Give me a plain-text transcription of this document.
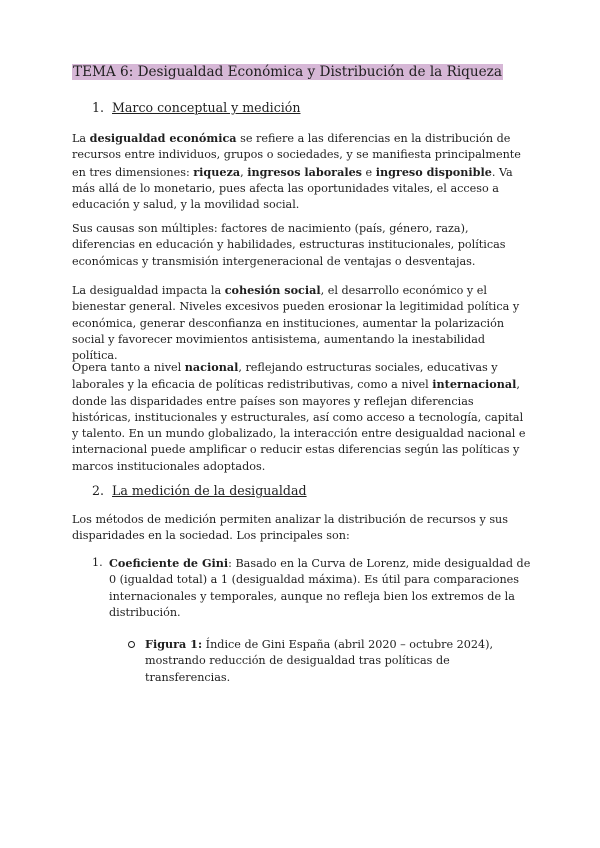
TEMA 6: Desigualdad Económica y Distribución de la Riqueza
1. Marco conceptual y medición

La desigualdad económica se refiere a las diferencias en la distribución de recursos entre individuos, grupos o sociedades, y se manifiesta principalmente en tres dimensiones: riqueza, ingresos laborales e ingreso disponible. Va más allá de lo monetario, pues afecta las oportunidades vitales, el acceso a educación y salud, y la movilidad social.

Sus causas son múltiples: factores de nacimiento (país, género, raza), diferencias en educación y habilidades, estructuras institucionales, políticas económicas y transmisión intergeneracional de ventajas o desventajas.

La desigualdad impacta la cohesión social, el desarrollo económico y el bienestar general. Niveles excesivos pueden erosionar la legitimidad política y económica, generar desconfianza en instituciones, aumentar la polarización social y favorecer movimientos antisistema, aumentando la inestabilidad política.

Opera tanto a nivel nacional, reflejando estructuras sociales, educativas y laborales y la eficacia de políticas redistributivas, como a nivel internacional, donde las disparidades entre países son mayores y reflejan diferencias históricas, institucionales y estructurales, así como acceso a tecnología, capital y talento. En un mundo globalizado, la interacción entre desigualdad nacional e internacional puede amplificar o reducir estas diferencias según las políticas y marcos institucionales adoptados.

2. La medición de la desigualdad

Los métodos de medición permiten analizar la distribución de recursos y sus disparidades en la sociedad. Los principales son:

1. Coeficiente de Gini: Basado en la Curva de Lorenz, mide desigualdad de 0 (igualdad total) a 1 (desigualdad máxima). Es útil para comparaciones internacionales y temporales, aunque no refleja bien los extremos de la distribución.
Figura 1: Índice de Gini España (abril 2020 – octubre 2024), mostrando reducción de desigualdad tras políticas de transferencias.
